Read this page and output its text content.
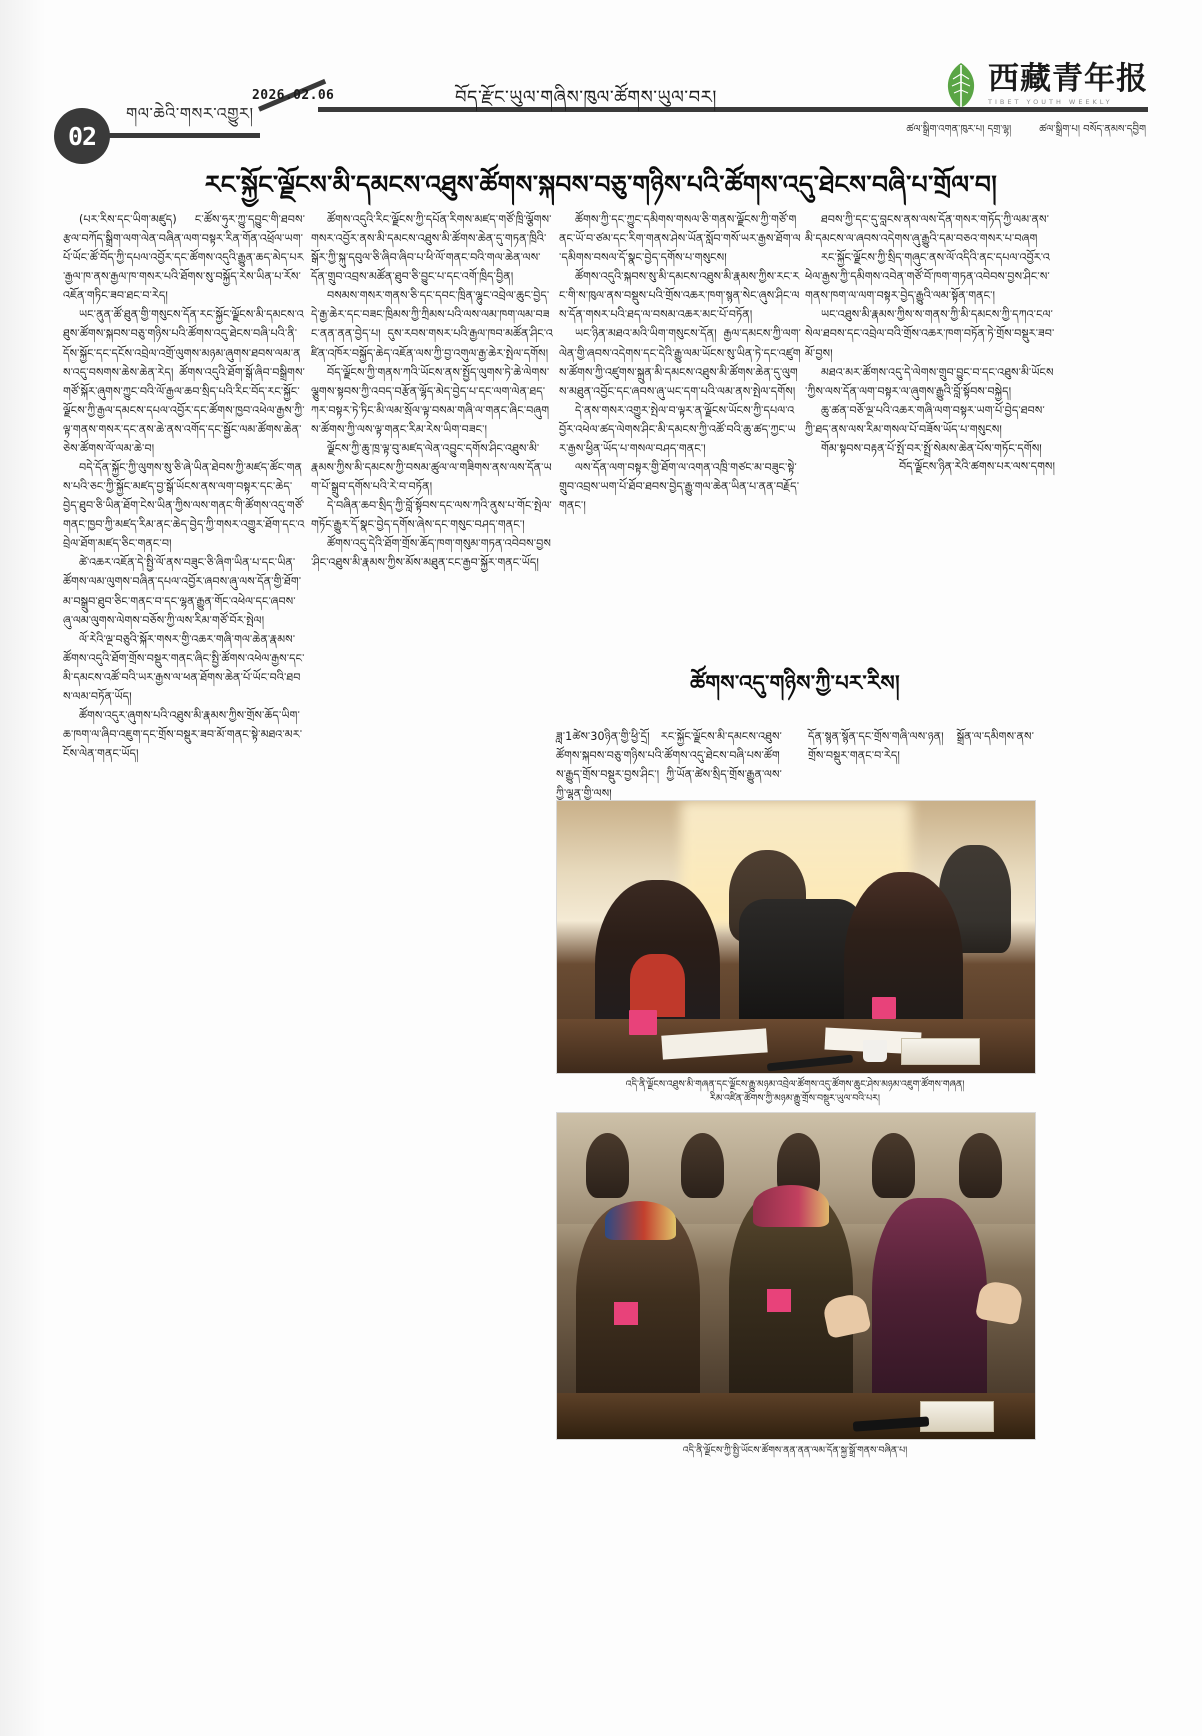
02
གལ་ཆེའི་གསར་འགྱུར།
2026.02.06	བོད་རྫོང་ཡུལ་གཞིས་ཁུལ་ཚོགས་ཡུལ་བར།
ཚལ་སྒྲིག་འགན་ཁུར་པ། དགྲ་ལྷ།	ཚལ་སྒྲིག་པ། བསོད་ནམས་དབྱིག
西藏青年报
TIBET YOUTH WEEKLY
རང་སྐྱོང་ལྗོངས་མི་དམངས་འཐུས་ཚོགས་སྐབས་བཅུ་གཉིས་པའི་ཚོགས་འདུ་ཐེངས་བཞི་པ་གྲོལ་བ།

(པར་རིས་དང་ཡིག་མཛུད) ང་ཚོས་ཧུར་ཀྱུ་དབྱུང་གི་ཐབས་རྩལ་བཀོད་སྒྲིག་ལག་ལེན་བཞིན་ལག་བསྟར་རིན་གོན་འཕྲོལ་ཡག་པོ་ཡོང་ཚོ་བོད་ཀྱི་དཔལ་འབྱོར་དང་ཚོགས་འདུའི་རྒྱུན་ཆད་མེད་པར་རྒྱལ་ཁ་ནས་རྒྱལ་ཁ་གསར་པའི་ཐོགས་སུ་བསྐྱོད་རེས་ཡིན་པ་རོས་འཇོན་གཏིང་ཟབ་ཐང་བ་རེད།

ཡང་ནུན་ཚོ་ཐུན་གྱི་གསུངས་དོན་རང་སྐྱོང་ལྗོངས་མི་དམངས་འཐུས་ཚོགས་སྐབས་བཅུ་གཉིས་པའི་ཚོགས་འདུ་ཐེངས་བཞི་པའི་ནི་དོས་སྐྱོང་དང་དངོས་འབྲེལ་འགྲོ་ལུགས་མཉམ་ཞུགས་ཐབས་ལམ་ནས་འདུ་བསགས་ཆེས་ཆེན་རེད། ཚོགས་འདུའི་ཐོག་སྒོ་ཞིབ་བསྒྲིགས་གཙོ་སྐོར་ཞུགས་ཀྱུང་བའི་ལོ་རྒྱལ་ཆབ་སྲིད་པའི་རིང་བོད་རང་སྐྱོང་ལྗོངས་ཀྱི་རྒྱལ་དམངས་དཔལ་འབྱོར་དང་ཚོགས་ཁྱབ་འཕེལ་རྒྱས་ཀྱི་ལྟ་གནས་གསར་དང་ནས་ཆེ་ནས་འགོད་དང་སྦྱོང་ལམ་ཚོགས་ཆེན་ཅེས་ཚོགས་ལོ་ལམ་ཆེ་བ།

བདེ་དོན་སྐྱོང་ཀྱི་ལུགས་སུ་ཅི་ཞེ་ཡིན་ཐེབས་ཀྱི་མཛད་ཚོང་གནས་པའི་ཅང་ཀྱི་སྐྱོང་མཛད་བྱ་སྒོ་ཡོངས་ནས་ལག་བསྟར་དང་ཆེད་བྱེད་ཐུབ་ཅི་ཡིན་ཐོག་ངེས་ཡིན་ཀྱིས་ལས་གནང་གི་ཚོགས་འདུ་གཙོ་གནང་ཁྱབ་ཀྱི་མཛད་རིམ་ནང་ཆེད་བྱེད་ཀྱི་གསར་འགྱུར་ཐོག་དང་འབྲེལ་ཐོག་མཛད་ཅིང་གནང་བ།

ཚེ་འཆར་འཇོན་དེ་སྤྱི་ལོ་ནས་བཟུང་ཅི་ཞིག་ཡིན་པ་དང་ཡིན་ཚོགས་ལམ་ལུགས་བཞིན་དཔལ་འབྱོར་ཞབས་ཞུ་ལས་དོན་གྱི་ཐོག་མ་བསྒྲུབ་ཐུབ་ཅིང་གནང་བ་དང་ལྷན་རྒྱུན་གོང་འཕེལ་དང་ཞབས་ཞུ་ལམ་ལུགས་ལེགས་བཅོས་ཀྱི་ལས་རིམ་གཙོ་བོར་སྤེལ།

ལོ་རེའི་ལྔ་བཅུའི་སྐོར་གསར་གྱི་འཆར་གཞི་གལ་ཆེན་རྣམས་ཚོགས་འདུའི་ཐོག་གྲོས་བསྡུར་གནང་ཞིང་སྤྱི་ཚོགས་འཕེལ་རྒྱས་དང་མི་དམངས་འཚོ་བའི་ཡར་རྒྱས་ལ་ཕན་ཐོགས་ཆེན་པོ་ཡོང་བའི་ཐབས་ལམ་བཏོན་ཡོད།

ཚོགས་འདུར་ཞུགས་པའི་འཐུས་མི་རྣམས་ཀྱིས་གྲོས་ཆོད་ཡིག་ཆ་ཁག་ལ་ཞིབ་འཇུག་དང་གྲོས་བསྡུར་ཟབ་མོ་གནང་སྟེ་མཐའ་མར་ངོས་ལེན་གནང་ཡོད།

ཚོགས་འདུའི་རིང་ལྗོངས་ཀྱི་དཔོན་རིགས་མཛད་གཙོ་ཁྲི་ལྕོགས་གསར་འབྱོར་ནས་མི་དམངས་འཐུས་མི་ཚོགས་ཆེན་དུ་གཏན་ཁྲིའི་སྒོར་ཀྱི་སྐུ་དབུལ་ཅི་ཞིབ་ཞིབ་པ་ཕི་ལོ་གནང་བའི་གལ་ཆེན་ལས་དོན་གྲུབ་འབྲས་མཚོན་ཐུབ་ཅི་བྱུང་པ་དང་འགོ་ཁྲིད་བྱིན།

བསམས་གསར་གནས་ཅི་དང་དབང་ཁྲིན་ལྷུང་འབྲེལ་ཆུང་བྱེད་དེ་རྒྱ་ཆེར་དང་བཟང་ཁྲིམས་ཀྱི་ཀྲིམས་པའི་ལས་ལམ་ཁག་ལམ་བཟང་ནན་ནན་བྱེད་པ། དུས་རབས་གསར་པའི་རྒྱལ་ཁབ་མཚོན་ཤིང་འཛིན་འཁོར་བསྐྱོད་ཆེད་འཇོན་ལས་ཀྱི་བྱ་འགུལ་རྒྱ་ཆེར་སྤེལ་དགོས།

བོད་ལྗོངས་ཀྱི་གནས་ཀའི་ཡོངས་ནས་སྤྱོད་ལུགས་ཏེ་ཆེ་ལེགས་ལྕུགས་སྟབས་ཀྱི་འབད་བརྩོན་ལྷོད་མེད་བྱེད་པ་དང་ལག་ལེན་ཐད་ཀར་བསྟར་ཏེ་ཏིང་མི་ལམ་སྲོལ་ལྟ་བསམ་གཞི་ལ་གནང་ཞིང་བཞུགས་ཚོགས་ཀྱི་ལས་ལྟ་གནང་རིམ་རེས་ཡིག་བཟང་།

ལྗོངས་ཀྱི་ཆུ་ཁྲ་ལྟ་བུ་མཛད་ལེན་འབྱུང་དགོས་ཤིང་འཐུས་མི་རྣམས་ཀྱིས་མི་དམངས་ཀྱི་བསམ་ཚུལ་ལ་གཟིགས་ནས་ལས་དོན་ཡག་པོ་སྒྲུབ་དགོས་པའི་རེ་བ་བཏོན།

དེ་བཞིན་ཆབ་སྲིད་ཀྱི་བློ་སྟོབས་དང་ལས་ཀའི་ནུས་པ་གོང་སྤེལ་གཏོང་རྒྱུར་དོ་སྣང་བྱེད་དགོས་ཞེས་དང་གསུང་བཤད་གནང་།

ཚོགས་འདུ་དེའི་ཐོག་གྲོས་ཆོད་ཁག་གསུམ་གཏན་འབེབས་བྱས་ཤིང་འཐུས་མི་རྣམས་ཀྱིས་མོས་མཐུན་ངང་རྒྱབ་སྐྱོར་གནང་ཡོད།

ཚོགས་ཀྱི་དང་ཀྱུང་དམིགས་གསལ་ཅི་གནས་ལྗོངས་ཀྱི་གཙོ་གནང་ཡོ་བ་ཙམ་དང་རིག་གནས་ཤེས་ཡོན་སློབ་གསོ་ཡར་རྒྱས་ཐོག་ལ་དམིགས་བསལ་དོ་སྣང་བྱེད་དགོས་པ་གསུངས།

ཚོགས་འདུའི་སྐབས་སུ་མི་དམངས་འཐུས་མི་རྣམས་ཀྱིས་རང་རང་གི་ས་ཁུལ་ནས་བསྡུས་པའི་གྲོས་འཆར་ཁག་སྙན་སེང་ཞུས་ཤིང་ལས་དོན་གསར་པའི་ཐད་ལ་བསམ་འཆར་མང་པོ་བཏོན།

ཡང་ཉིན་མཐའ་མའི་ཡིག་གསུངས་དོན། རྒྱལ་དམངས་ཀྱི་ལག་ལེན་གྱི་ཞབས་འདེགས་དང་དེའི་རྒྱུ་ལམ་ཡོངས་སུ་ཡིན་ཏེ་དང་འཛུགས་ཚོགས་ཀྱི་འཛུགས་སྐྲུན་མི་དམངས་འཐུས་མི་ཚོགས་ཆེན་དུ་ལུགས་མཐུན་འབྱོང་དང་ཞབས་ཞུ་ཡང་དག་པའི་ལམ་ནས་སྤེལ་དགོས།

དེ་ནས་གསར་འགྱུར་སྤེལ་བ་ལྟར་ན་ལྗོངས་ཡོངས་ཀྱི་དཔལ་འབྱོར་འཕེལ་ཚད་ལེགས་ཤིང་མི་དམངས་ཀྱི་འཚོ་བའི་ཆུ་ཚད་ཀྱང་ཡར་རྒྱས་ཕྱིན་ཡོད་པ་གསལ་བཤད་གནང་།

ལས་དོན་ལག་བསྟར་གྱི་ཐོག་ལ་འགན་འཁྲི་གཙང་མ་བཟུང་སྟེ་གྲུབ་འབྲས་ཡག་པོ་ཐོབ་ཐབས་བྱེད་རྒྱུ་གལ་ཆེན་ཡིན་པ་ནན་བརྗོད་གནང་།

ཐབས་ཀྱི་དང་དུ་བླངས་ནས་ལས་དོན་གསར་གཏོད་ཀྱི་ལམ་ནས་མི་དམངས་ལ་ཞབས་འདེགས་ཞུ་རྒྱུའི་དམ་བཅའ་གསར་པ་བཞག

རང་སྐྱོང་ལྗོངས་ཀྱི་སྲིད་གཞུང་ནས་ལོ་འདིའི་ནང་དཔལ་འབྱོར་འཕེལ་རྒྱས་ཀྱི་དམིགས་འབེན་གཙོ་བོ་ཁག་གཏན་འབེབས་བྱས་ཤིང་ས་གནས་ཁག་ལ་ལག་བསྟར་བྱེད་རྒྱུའི་ལམ་སྟོན་གནང་།

ཡང་འཐུས་མི་རྣམས་ཀྱིས་ས་གནས་ཀྱི་མི་དམངས་ཀྱི་དཀའ་ངལ་སེལ་ཐབས་དང་འབྲེལ་བའི་གྲོས་འཆར་ཁག་བཏོན་ཏེ་གྲོས་བསྡུར་ཟབ་མོ་བྱས།

མཐའ་མར་ཚོགས་འདུ་དེ་ལེགས་གྲུབ་བྱུང་བ་དང་འཐུས་མི་ཡོངས་ཀྱིས་ལས་དོན་ལག་བསྟར་ལ་ཞུགས་རྒྱུའི་བློ་སྟོབས་བསྐྱེད།

ཆུ་ཚན་བཅོ་ལྔ་པའི་འཆར་གཞི་ལག་བསྟར་ཡག་པོ་བྱེད་ཐབས་ཀྱི་ཐད་ནས་ལས་རིམ་གསལ་པོ་བཟོས་ཡོད་པ་གསུངས།

གོམ་སྟབས་བརྟན་པོ་སྤོ་བར་སྤྲོ་སེམས་ཆེན་པོས་གཏོང་དགོས།

བོད་ལྗོངས་ཉིན་རེའི་ཚགས་པར་ལས་དགས།

ཚོགས་འདུ་གཉིས་ཀྱི་པར་རིས།
ཟླ་1ཚེས་30ཉིན་གྱི་ཕྱི་དྲོ། རང་སྐྱོང་ལྗོངས་མི་དམངས་འཐུས་ཚོགས་སྐབས་བཅུ་གཉིས་པའི་ཚོགས་འདུ་ཐེངས་བཞི་པས་ཚོགས་རྒྱུད་གྲོས་བསྡུར་བྱས་ཤིང་། ཀྱི་ཡོན་ཚེས་སྲིད་གྲོས་རྒྱུན་ལས་ཀྱི་ལྷན་གྱི་ལས།
དོན་སྙན་སྙོན་དང་གྲོས་གཞི་ལས་ཉན། སྒྲོན་ལ་དམིགས་ནས་གྲོས་བསྡུར་གནང་བ་རེད།
འདི་ནི་ལྗོངས་འཐུས་མི་གཞན་དང་ལྗོངས་རྒྱུ་མཉམ་འབྲེལ་ཚོགས་འདུ་ཚོགས་ཆུང་ཤེས་མཉམ་འཇུག་ཚོགས་གཞན།
རིམ་འཛིན་ཚོགས་ཀྱི་མཉམ་རྒྱུ་གྲོས་བསྡུར་ཡུལ་བའི་པར།
འདི་ནི་ལྗོངས་ཀྱི་སྤྱི་ཡོངས་ཚོགས་ནན་ནན་ལམ་དོན་སྐྱ་སྒྲོ་གནས་བཞིན་པ།
